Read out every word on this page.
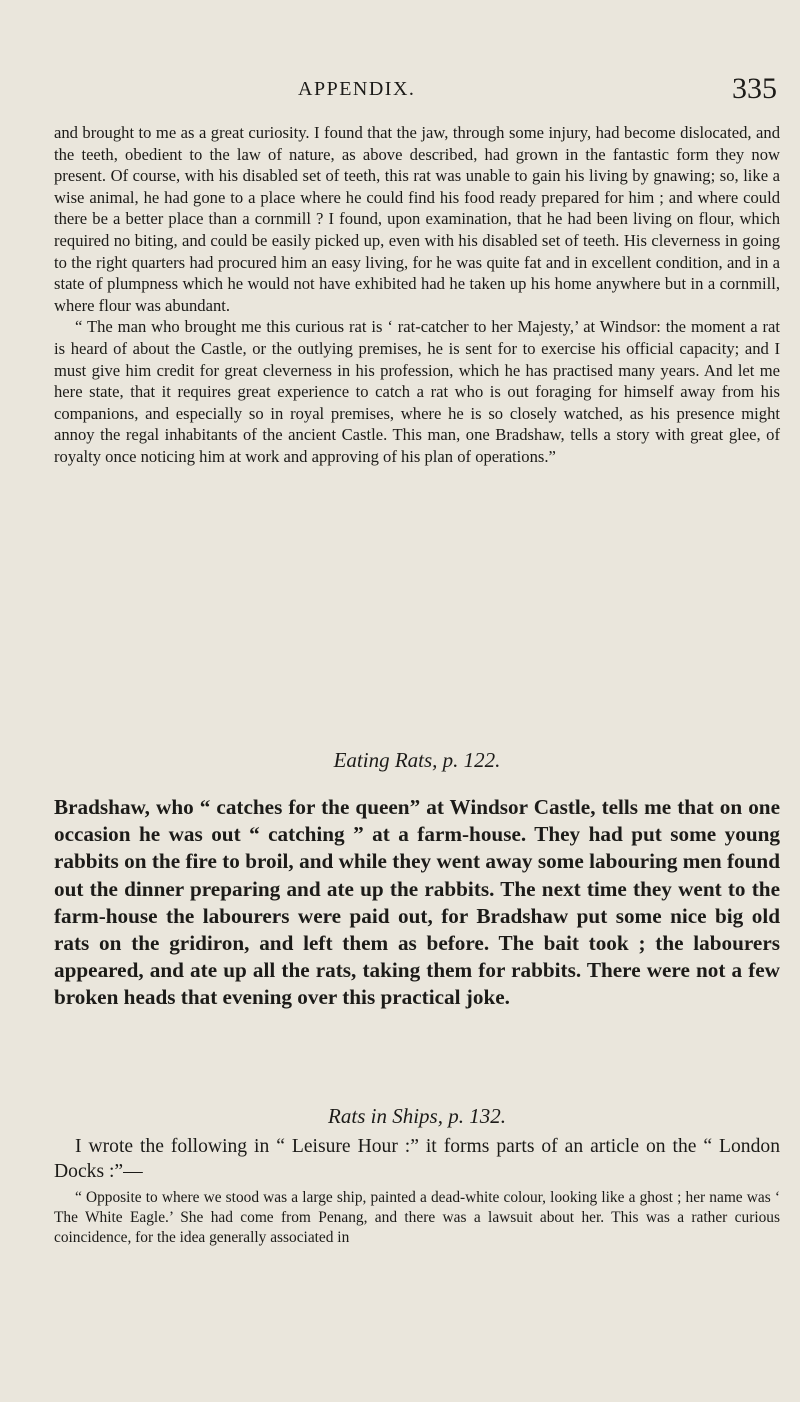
APPENDIX.	335

and brought to me as a great curiosity. I found that the jaw, through some injury, had become dislocated, and the teeth, obedient to the law of nature, as above described, had grown in the fantastic form they now present. Of course, with his disabled set of teeth, this rat was unable to gain his living by gnawing; so, like a wise animal, he had gone to a place where he could find his food ready prepared for him ; and where could there be a better place than a cornmill ? I found, upon examination, that he had been living on flour, which required no biting, and could be easily picked up, even with his disabled set of teeth. His cleverness in going to the right quarters had procured him an easy living, for he was quite fat and in excellent condition, and in a state of plumpness which he would not have exhibited had he taken up his home anywhere but in a cornmill, where flour was abundant.

“ The man who brought me this curious rat is ‘ rat-catcher to her Majesty,’ at Windsor: the moment a rat is heard of about the Castle, or the outlying premises, he is sent for to exercise his official capacity; and I must give him credit for great cleverness in his profession, which he has practised many years. And let me here state, that it requires great experience to catch a rat who is out foraging for himself away from his companions, and especially so in royal premises, where he is so closely watched, as his presence might annoy the regal inhabitants of the ancient Castle. This man, one Bradshaw, tells a story with great glee, of royalty once noticing him at work and approving of his plan of operations.”

Eating Rats, p. 122.

Bradshaw, who “ catches for the queen” at Windsor Castle, tells me that on one occasion he was out “ catching ” at a farm-house. They had put some young rabbits on the fire to broil, and while they went away some labouring men found out the dinner preparing and ate up the rabbits. The next time they went to the farm-house the labourers were paid out, for Bradshaw put some nice big old rats on the gridiron, and left them as before. The bait took ; the labourers appeared, and ate up all the rats, taking them for rabbits. There were not a few broken heads that evening over this practical joke.

Rats in Ships, p. 132.

I wrote the following in “ Leisure Hour :” it forms parts of an article on the “ London Docks :”—

“ Opposite to where we stood was a large ship, painted a dead-white colour, looking like a ghost ; her name was ‘ The White Eagle.’ She had come from Penang, and there was a lawsuit about her. This was a rather curious coincidence, for the idea generally associated in
